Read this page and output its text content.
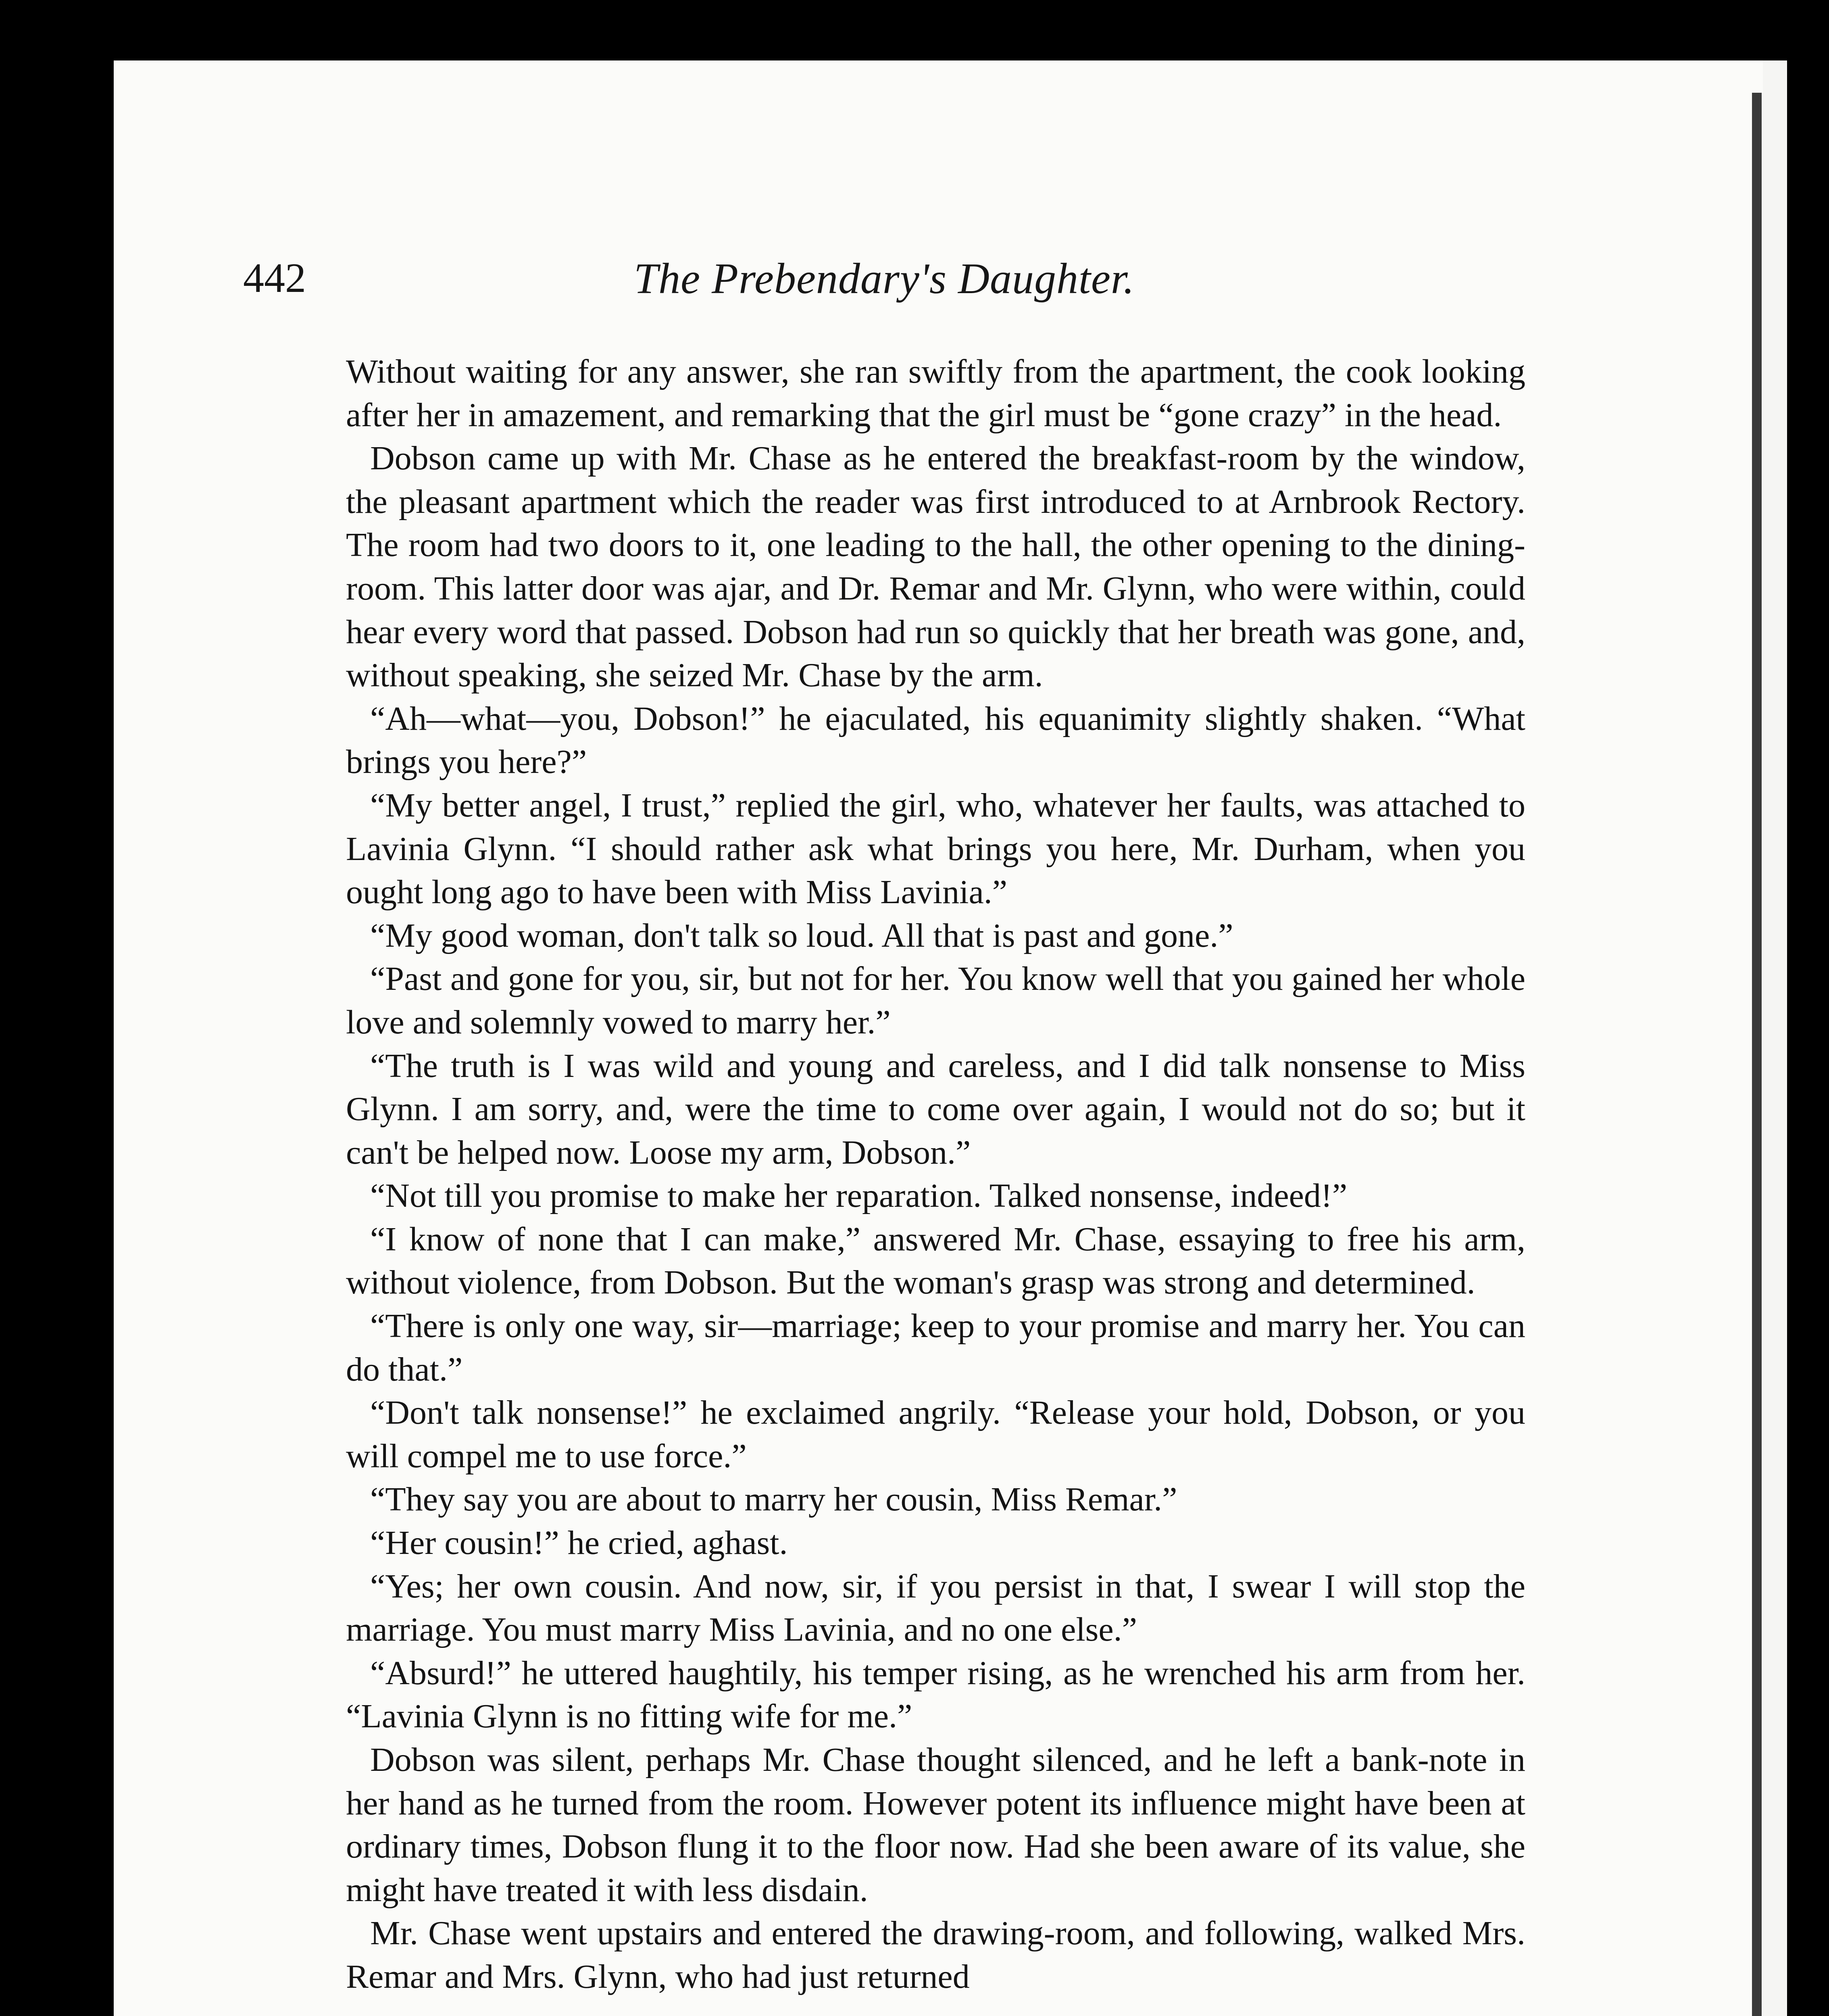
442	The Prebendary's Daughter.

Without waiting for any answer, she ran swiftly from the apartment, the cook looking after her in amazement, and remarking that the girl must be “gone crazy” in the head.

Dobson came up with Mr. Chase as he entered the breakfast-room by the window, the pleasant apartment which the reader was first introduced to at Arnbrook Rectory. The room had two doors to it, one leading to the hall, the other opening to the dining-room. This latter door was ajar, and Dr. Remar and Mr. Glynn, who were within, could hear every word that passed. Dobson had run so quickly that her breath was gone, and, without speaking, she seized Mr. Chase by the arm.

“Ah—what—you, Dobson!” he ejaculated, his equanimity slightly shaken. “What brings you here?”

“My better angel, I trust,” replied the girl, who, whatever her faults, was attached to Lavinia Glynn. “I should rather ask what brings you here, Mr. Durham, when you ought long ago to have been with Miss Lavinia.”

“My good woman, don't talk so loud. All that is past and gone.”

“Past and gone for you, sir, but not for her. You know well that you gained her whole love and solemnly vowed to marry her.”

“The truth is I was wild and young and careless, and I did talk nonsense to Miss Glynn. I am sorry, and, were the time to come over again, I would not do so; but it can't be helped now. Loose my arm, Dobson.”

“Not till you promise to make her reparation. Talked nonsense, indeed!”

“I know of none that I can make,” answered Mr. Chase, essaying to free his arm, without violence, from Dobson. But the woman's grasp was strong and determined.

“There is only one way, sir—marriage; keep to your promise and marry her. You can do that.”

“Don't talk nonsense!” he exclaimed angrily. “Release your hold, Dobson, or you will compel me to use force.”

“They say you are about to marry her cousin, Miss Remar.”

“Her cousin!” he cried, aghast.

“Yes; her own cousin. And now, sir, if you persist in that, I swear I will stop the marriage. You must marry Miss Lavinia, and no one else.”

“Absurd!” he uttered haughtily, his temper rising, as he wrenched his arm from her. “Lavinia Glynn is no fitting wife for me.”

Dobson was silent, perhaps Mr. Chase thought silenced, and he left a bank-note in her hand as he turned from the room. However potent its influence might have been at ordinary times, Dobson flung it to the floor now. Had she been aware of its value, she might have treated it with less disdain.

Mr. Chase went upstairs and entered the drawing-room, and following, walked Mrs. Remar and Mrs. Glynn, who had just returned
